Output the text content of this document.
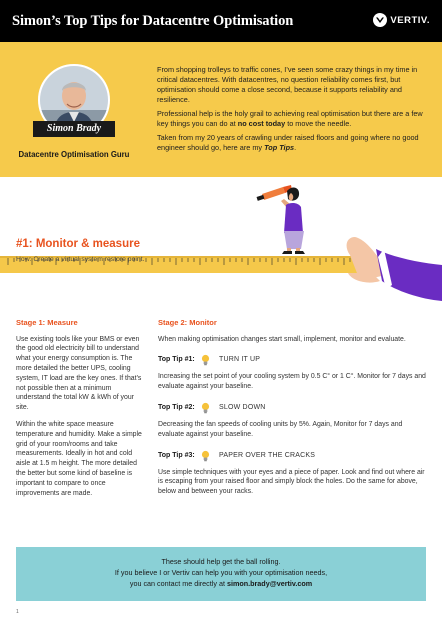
Simon’s Top Tips for Datacentre Optimisation	VERTIV.
Simon Brady
Datacentre Optimisation Guru

From shopping trolleys to traffic cones, I’ve seen some crazy things in my time in critical datacentres. With datacentres, no question reliability comes first, but optimisation should come a close second, because it supports reliability and resilience.

Professional help is the holy grail to achieving real optimisation but there are a few key things you can do at no cost today to move the needle.

Taken from my 20 years of crawling under raised floors and going where no good engineer should go, here are my Top Tips.

#1: Monitor & measure
How: Create a virtual system restore point.
Stage 1: Measure

Use existing tools like your BMS or even the good old electricity bill to understand what your energy consumption is. The more detailed the better UPS, cooling system, IT load are the key ones. If that’s not possible then at a minimum understand the total kW & kWh of your site.

Within the white space measure temperature and humidity. Make a simple grid of your room/rooms and take measurements. Ideally in hot and cold aisle at 1.5 m height. The more detailed the better but some kind of baseline is important to compare to once improvements are made.

Stage 2: Monitor

When making optimisation changes start small, implement, monitor and evaluate.

Top Tip #1:	TURN IT UP

Increasing the set point of your cooling system by 0.5 C° or 1 C°. Monitor for 7 days and evaluate against your baseline.

Top Tip #2:	SLOW DOWN

Decreasing the fan speeds of cooling units by 5%. Again, Monitor for 7 days and evaluate against your baseline.

Top Tip #3:	PAPER OVER THE CRACKS

Use simple techniques with your eyes and a piece of paper. Look and find out where air is escaping from your raised floor and simply block the holes. Do the same for above, below and between your racks.

These should help get the ball rolling.
If you believe I or Vertiv can help you with your optimisation needs,
you can contact me directly at simon.brady@vertiv.com
1
